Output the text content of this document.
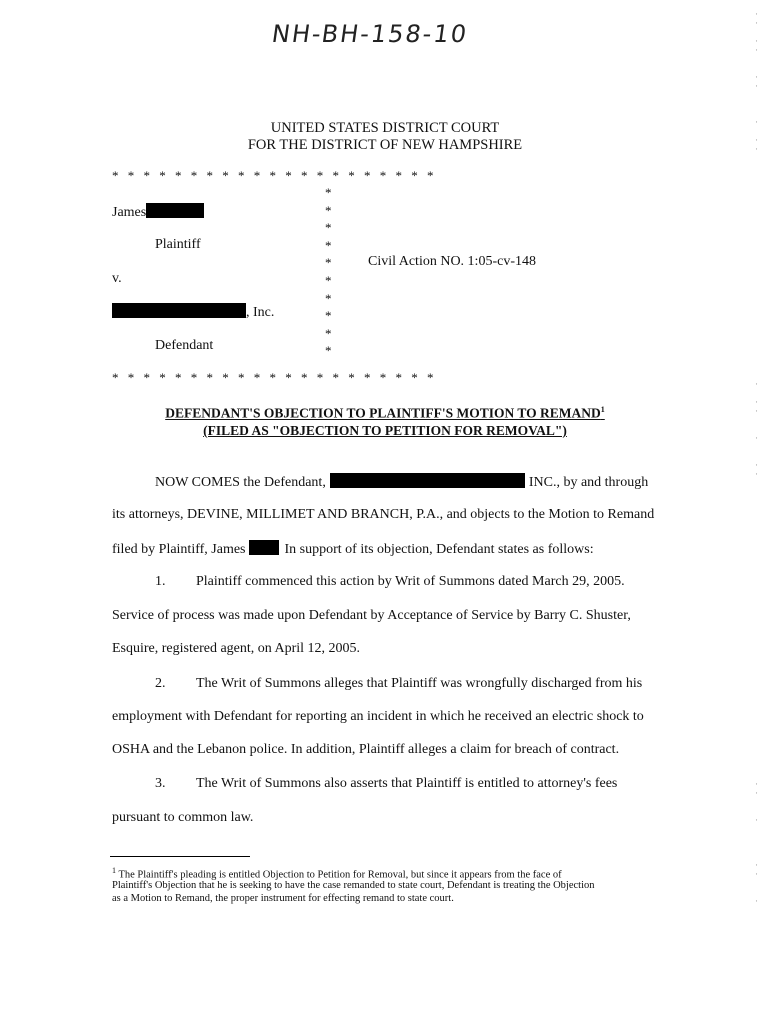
NH-BH-158-10
UNITED STATES DISTRICT COURT
FOR THE DISTRICT OF NEW HAMPSHIRE
* * * * * * * * * * * * * * * * * * * * *
*
*
*
*
*
*
*
*
*
*
James
Plaintiff
v.
, Inc.
Defendant
Civil Action NO. 1:05-cv-148
* * * * * * * * * * * * * * * * * * * * *
DEFENDANT'S OBJECTION TO PLAINTIFF'S MOTION TO REMAND$^1$
(FILED AS "OBJECTION TO PETITION FOR REMOVAL")
NOW COMES the Defendant,	INC., by and through
its attorneys, DEVINE, MILLIMET AND BRANCH, P.A., and objects to the Motion to Remand
filed by Plaintiff, James	In support of its objection, Defendant states as follows:
1. Plaintiff commenced this action by Writ of Summons dated March 29, 2005.
Service of process was made upon Defendant by Acceptance of Service by Barry C. Shuster,
Esquire, registered agent, on April 12, 2005.
2. The Writ of Summons alleges that Plaintiff was wrongfully discharged from his
employment with Defendant for reporting an incident in which he received an electric shock to
OSHA and the Lebanon police. In addition, Plaintiff alleges a claim for breach of contract.
3. The Writ of Summons also asserts that Plaintiff is entitled to attorney's fees
pursuant to common law.
$^1$ The Plaintiff's pleading is entitled Objection to Petition for Removal, but since it appears from the face of
Plaintiff's Objection that he is seeking to have the case remanded to state court, Defendant is treating the Objection
as a Motion to Remand, the proper instrument for effecting remand to state court.
·
·

·
·

·
·

·

·
·
·

·
·

·

·
·
·
·

·

·
·

·
